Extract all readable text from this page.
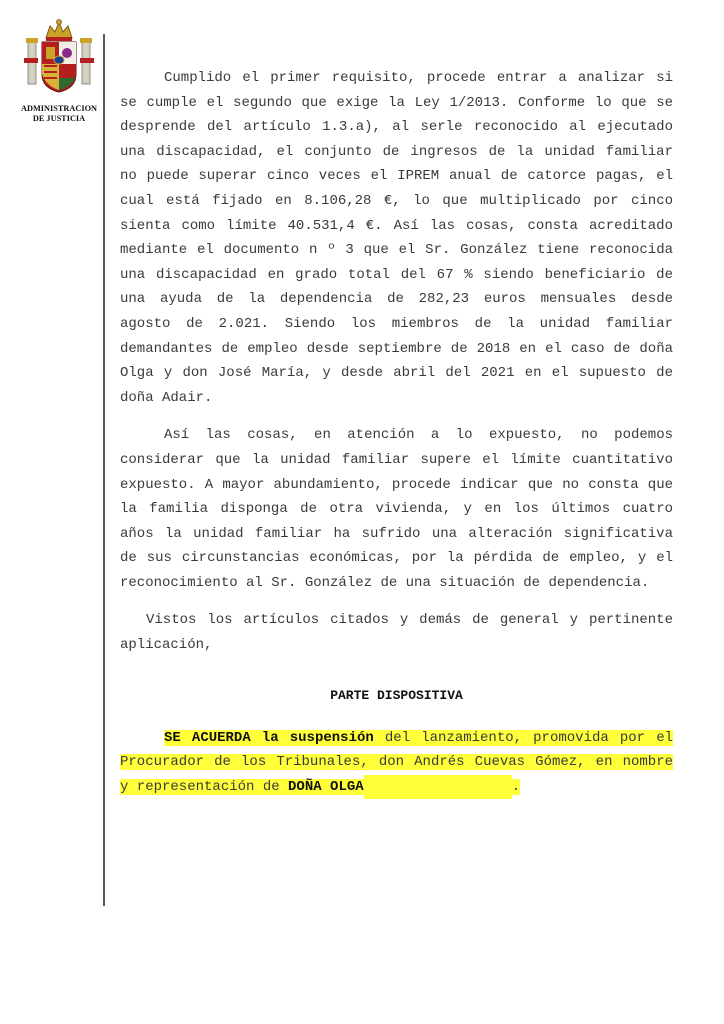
ADMINISTRACION
DE JUSTICIA

Cumplido el primer requisito, procede entrar a analizar si se cumple el segundo que exige la Ley 1/2013. Conforme lo que se desprende del artículo 1.3.a), al serle reconocido al ejecutado una discapacidad, el conjunto de ingresos de la unidad familiar no puede superar cinco veces el IPREM anual de catorce pagas, el cual está fijado en 8.106,28 €, lo que multiplicado por cinco sienta como límite 40.531,4 €. Así las cosas, consta acreditado mediante el documento n º 3 que el Sr. González tiene reconocida una discapacidad en grado total del 67 % siendo beneficiario de una ayuda de la dependencia de 282,23 euros mensuales desde agosto de 2.021. Siendo los miembros de la unidad familiar demandantes de empleo desde septiembre de 2018 en el caso de doña Olga y don José María, y desde abril del 2021 en el supuesto de doña Adair.

Así las cosas, en atención a lo expuesto, no podemos considerar que la unidad familiar supere el límite cuantitativo expuesto. A mayor abundamiento, procede indicar que no consta que la familia disponga de otra vivienda, y en los últimos cuatro años la unidad familiar ha sufrido una alteración significativa de sus circunstancias económicas, por la pérdida de empleo, y el reconocimiento al Sr. González de una situación de dependencia.

Vistos los artículos citados y demás de general y pertinente aplicación,

PARTE DISPOSITIVA

SE ACUERDA la suspensión del lanzamiento, promovida por el Procurador de los Tribunales, don Andrés Cuevas Gómez, en nombre y representación de DOÑA OLGA	.
